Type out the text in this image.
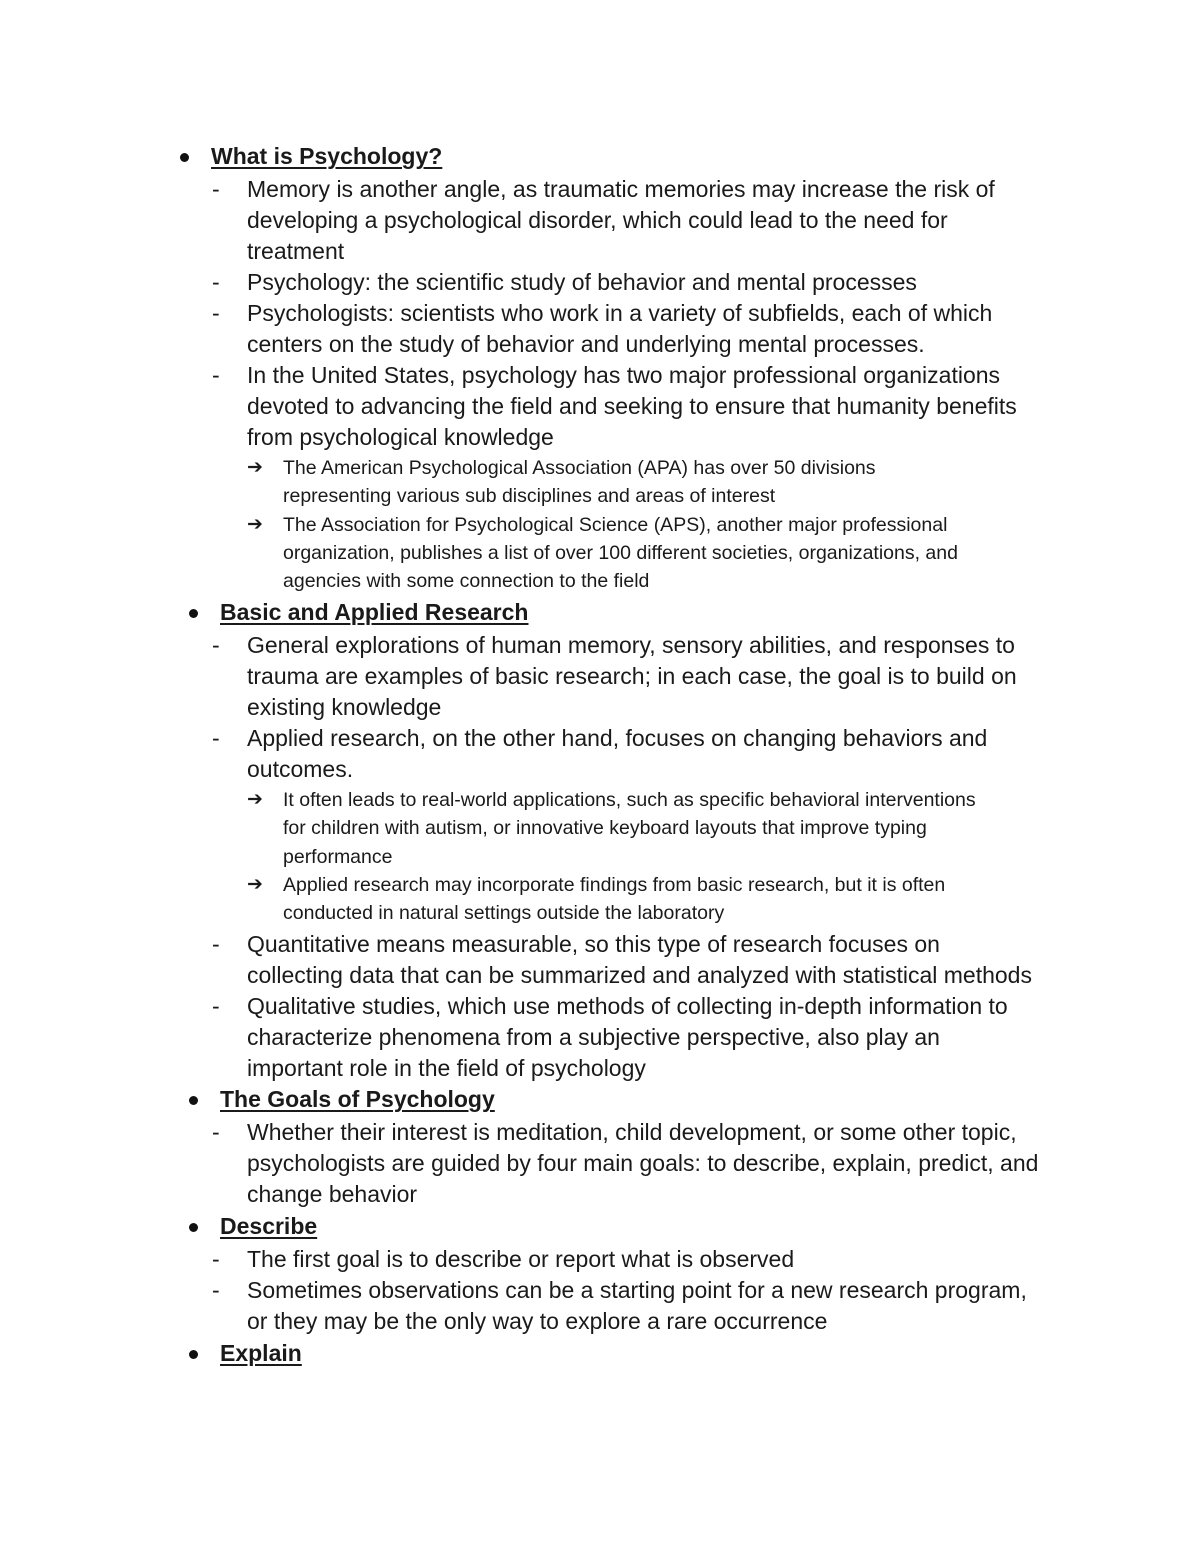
What is Psychology?
- Memory is another angle, as traumatic memories may increase the risk of
developing a psychological disorder, which could lead to the need for
treatment
- Psychology: the scientific study of behavior and mental processes
- Psychologists: scientists who work in a variety of subfields, each of which
centers on the study of behavior and underlying mental processes.
- In the United States, psychology has two major professional organizations
devoted to advancing the field and seeking to ensure that humanity benefits
from psychological knowledge
➔ The American Psychological Association (APA) has over 50 divisions
representing various sub disciplines and areas of interest
➔ The Association for Psychological Science (APS), another major professional
organization, publishes a list of over 100 different societies, organizations, and
agencies with some connection to the field
Basic and Applied Research
- General explorations of human memory, sensory abilities, and responses to
trauma are examples of basic research; in each case, the goal is to build on
existing knowledge
- Applied research, on the other hand, focuses on changing behaviors and
outcomes.
➔ It often leads to real-world applications, such as specific behavioral interventions
for children with autism, or innovative keyboard layouts that improve typing
performance
➔ Applied research may incorporate findings from basic research, but it is often
conducted in natural settings outside the laboratory
- Quantitative means measurable, so this type of research focuses on
collecting data that can be summarized and analyzed with statistical methods
- Qualitative studies, which use methods of collecting in-depth information to
characterize phenomena from a subjective perspective, also play an
important role in the field of psychology
The Goals of Psychology
- Whether their interest is meditation, child development, or some other topic,
psychologists are guided by four main goals: to describe, explain, predict, and
change behavior
Describe
- The first goal is to describe or report what is observed
- Sometimes observations can be a starting point for a new research program,
or they may be the only way to explore a rare occurrence
Explain
